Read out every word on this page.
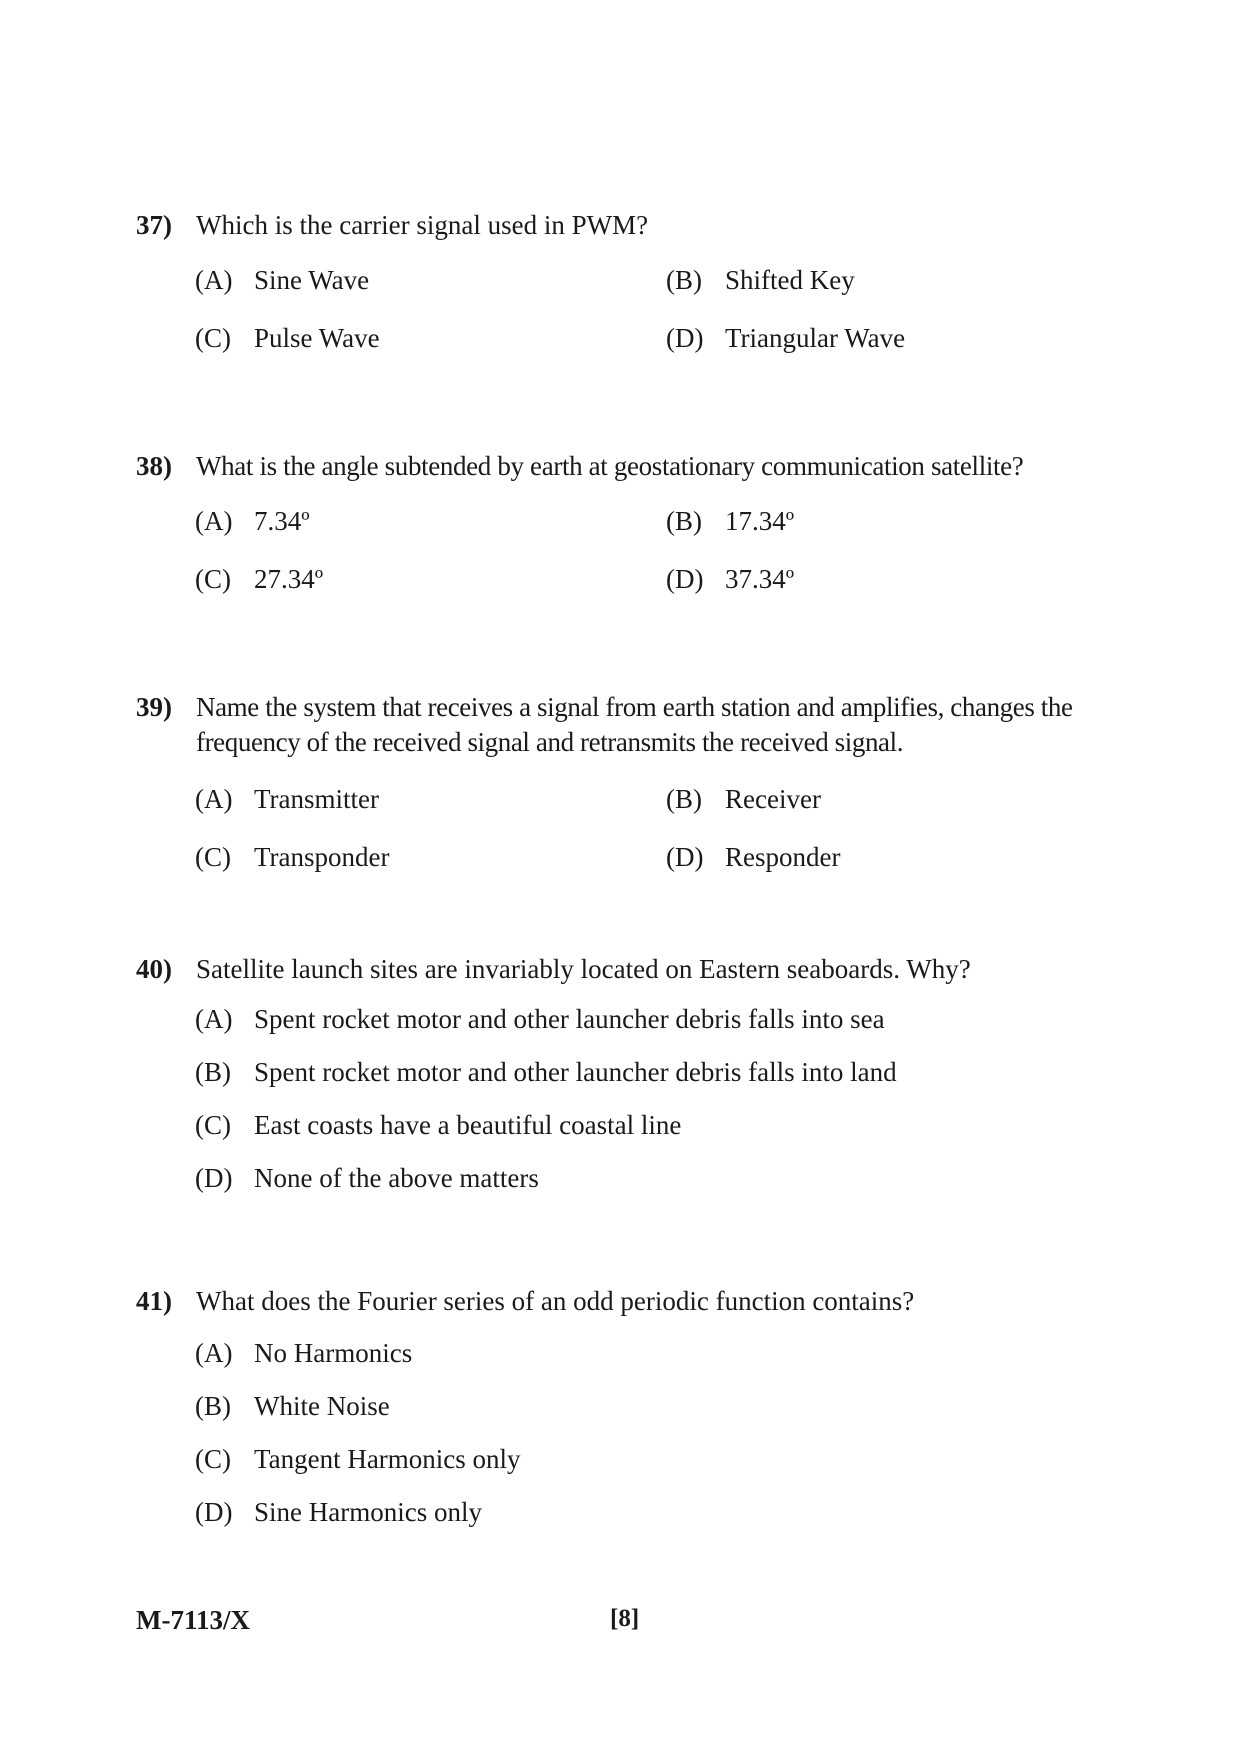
37) Which is the carrier signal used in PWM?
(A) Sine Wave	(B) Shifted Key
(C) Pulse Wave	(D) Triangular Wave
38) What is the angle subtended by earth at geostationary communication satellite?
(A) 7.34º	(B) 17.34º
(C) 27.34º	(D) 37.34º
39) Name the system that receives a signal from earth station and amplifies, changes the frequency of the received signal and retransmits the received signal.
(A) Transmitter	(B) Receiver
(C) Transponder	(D) Responder
40) Satellite launch sites are invariably located on Eastern seaboards. Why?
(A) Spent rocket motor and other launcher debris falls into sea
(B) Spent rocket motor and other launcher debris falls into land
(C) East coasts have a beautiful coastal line
(D) None of the above matters
41) What does the Fourier series of an odd periodic function contains?
(A) No Harmonics
(B) White Noise
(C) Tangent Harmonics only
(D) Sine Harmonics only
M-7113/X	[8]
